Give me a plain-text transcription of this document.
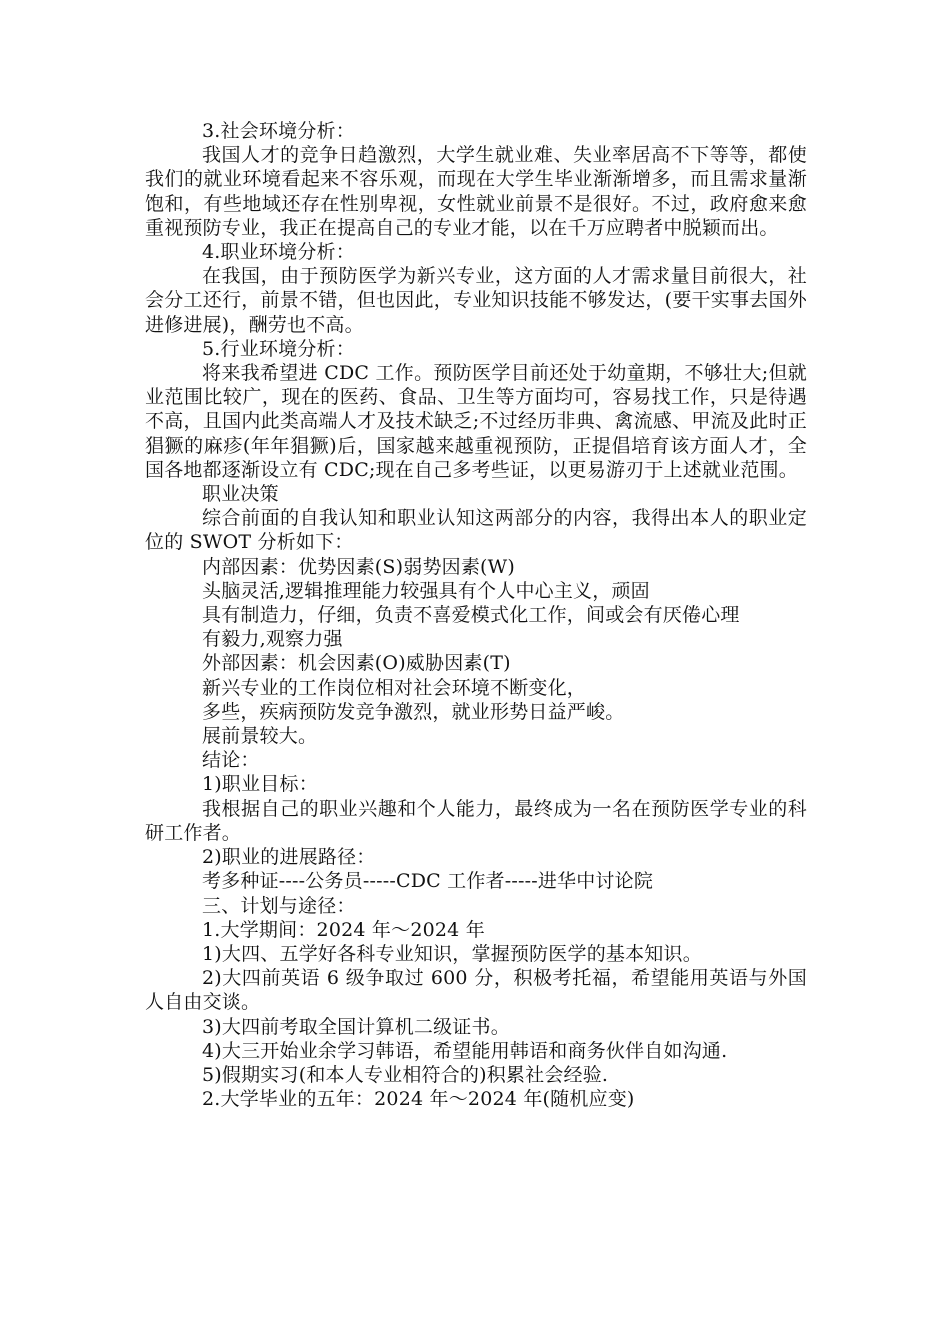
3.社会环境分析：

我国人才的竞争日趋激烈，大学生就业难、失业率居高不下等等，都使我们的就业环境看起来不容乐观，而现在大学生毕业渐渐增多，而且需求量渐饱和，有些地域还存在性别卑视，女性就业前景不是很好。不过，政府愈来愈重视预防专业，我正在提高自己的专业才能，以在千万应聘者中脱颖而出。

4.职业环境分析：

在我国，由于预防医学为新兴专业，这方面的人才需求量目前很大，社会分工还行，前景不错，但也因此，专业知识技能不够发达，(要干实事去国外进修进展)，酬劳也不高。

5.行业环境分析：

将来我希望进 CDC 工作。预防医学目前还处于幼童期，不够壮大;但就业范围比较广，现在的医药、食品、卫生等方面均可，容易找工作，只是待遇不高，且国内此类高端人才及技术缺乏;不过经历非典、禽流感、甲流及此时正猖獗的麻疹(年年猖獗)后，国家越来越重视预防，正提倡培育该方面人才，全国各地都逐渐设立有 CDC;现在自己多考些证，以更易游刃于上述就业范围。

职业决策

综合前面的自我认知和职业认知这两部分的内容，我得出本人的职业定位的 SWOT 分析如下：

内部因素：优势因素(S)弱势因素(W)

头脑灵活,逻辑推理能力较强具有个人中心主义，顽固

具有制造力，仔细，负责不喜爱模式化工作，间或会有厌倦心理

有毅力,观察力强

外部因素：机会因素(O)威胁因素(T)

新兴专业的工作岗位相对社会环境不断变化，

多些，疾病预防发竞争激烈，就业形势日益严峻。

展前景较大。

结论：

1)职业目标：

我根据自己的职业兴趣和个人能力，最终成为一名在预防医学专业的科研工作者。

2)职业的进展路径：

考多种证----公务员-----CDC 工作者-----进华中讨论院

三、计划与途径：

1.大学期间：2024 年～2024 年

1)大四、五学好各科专业知识，掌握预防医学的基本知识。

2)大四前英语 6 级争取过 600 分，积极考托福，希望能用英语与外国人自由交谈。

3)大四前考取全国计算机二级证书。

4)大三开始业余学习韩语，希望能用韩语和商务伙伴自如沟通.

5)假期实习(和本人专业相符合的)积累社会经验.

2.大学毕业的五年：2024 年～2024 年(随机应变)
